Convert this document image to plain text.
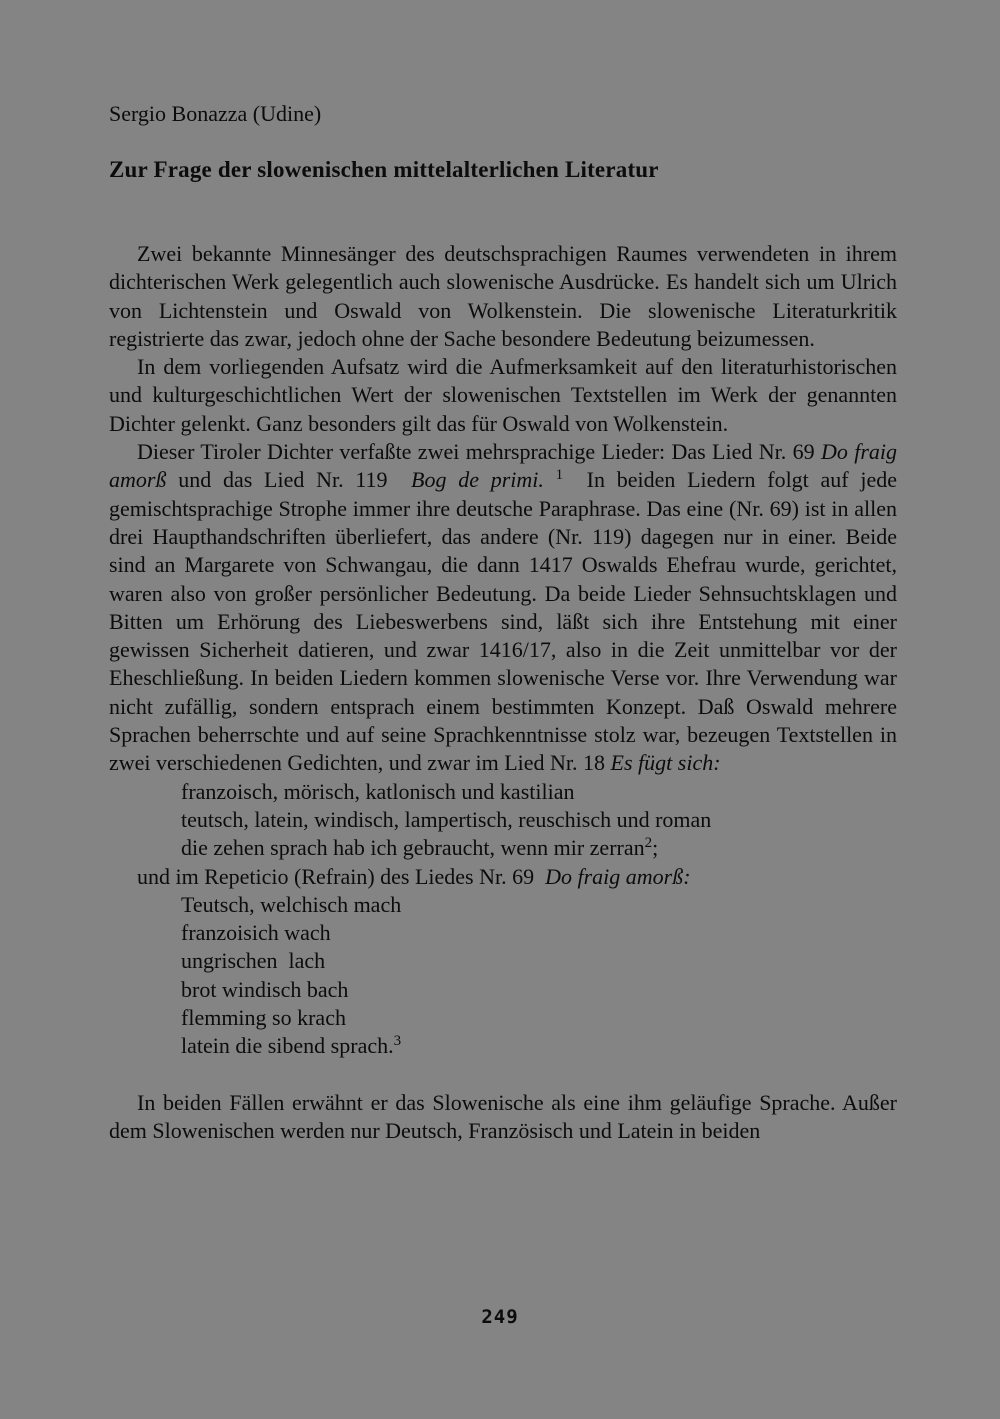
Sergio Bonazza (Udine)
Zur Frage der slowenischen mittelalterlichen Literatur

Zwei bekannte Minnesänger des deutschsprachigen Raumes verwendeten in ihrem dichterischen Werk gelegentlich auch slowenische Ausdrücke. Es handelt sich um Ulrich von Lichtenstein und Oswald von Wolkenstein. Die slowenische Literaturkritik registrierte das zwar, jedoch ohne der Sache besondere Bedeutung beizumessen.

In dem vorliegenden Aufsatz wird die Aufmerksamkeit auf den literaturhistorischen und kulturgeschichtlichen Wert der slowenischen Textstellen im Werk der genannten Dichter gelenkt. Ganz besonders gilt das für Oswald von Wolkenstein.

Dieser Tiroler Dichter verfaßte zwei mehrsprachige Lieder: Das Lied Nr. 69 Do fraig amorß und das Lied Nr. 119 Bog de primi. $^1$ In beiden Liedern folgt auf jede gemischtsprachige Strophe immer ihre deutsche Paraphrase. Das eine (Nr. 69) ist in allen drei Haupthandschriften überliefert, das andere (Nr. 119) dagegen nur in einer. Beide sind an Margarete von Schwangau, die dann 1417 Oswalds Ehefrau wurde, gerichtet, waren also von großer persönlicher Bedeutung. Da beide Lieder Sehnsuchtsklagen und Bitten um Erhörung des Liebeswerbens sind, läßt sich ihre Entstehung mit einer gewissen Sicherheit datieren, und zwar 1416/17, also in die Zeit unmittelbar vor der Eheschließung. In beiden Liedern kommen slowenische Verse vor. Ihre Verwendung war nicht zufällig, sondern entsprach einem bestimmten Konzept. Daß Oswald mehrere Sprachen beherrschte und auf seine Sprachkenntnisse stolz war, bezeugen Textstellen in zwei verschiedenen Gedichten, und zwar im Lied Nr. 18 Es fügt sich:

franzoisch, mörisch, katlonisch und kastilian
teutsch, latein, windisch, lampertisch, reuschisch und roman
die zehen sprach hab ich gebraucht, wenn mir zerran$^2$;
und im Repeticio (Refrain) des Liedes Nr. 69 Do fraig amorß:
Teutsch, welchisch mach
franzoisich wach
ungrischen  lach
brot windisch bach
flemming so krach
latein die sibend sprach.$^3$

In beiden Fällen erwähnt er das Slowenische als eine ihm geläufige Sprache. Außer dem Slowenischen werden nur Deutsch, Französisch und Latein in beiden

249
